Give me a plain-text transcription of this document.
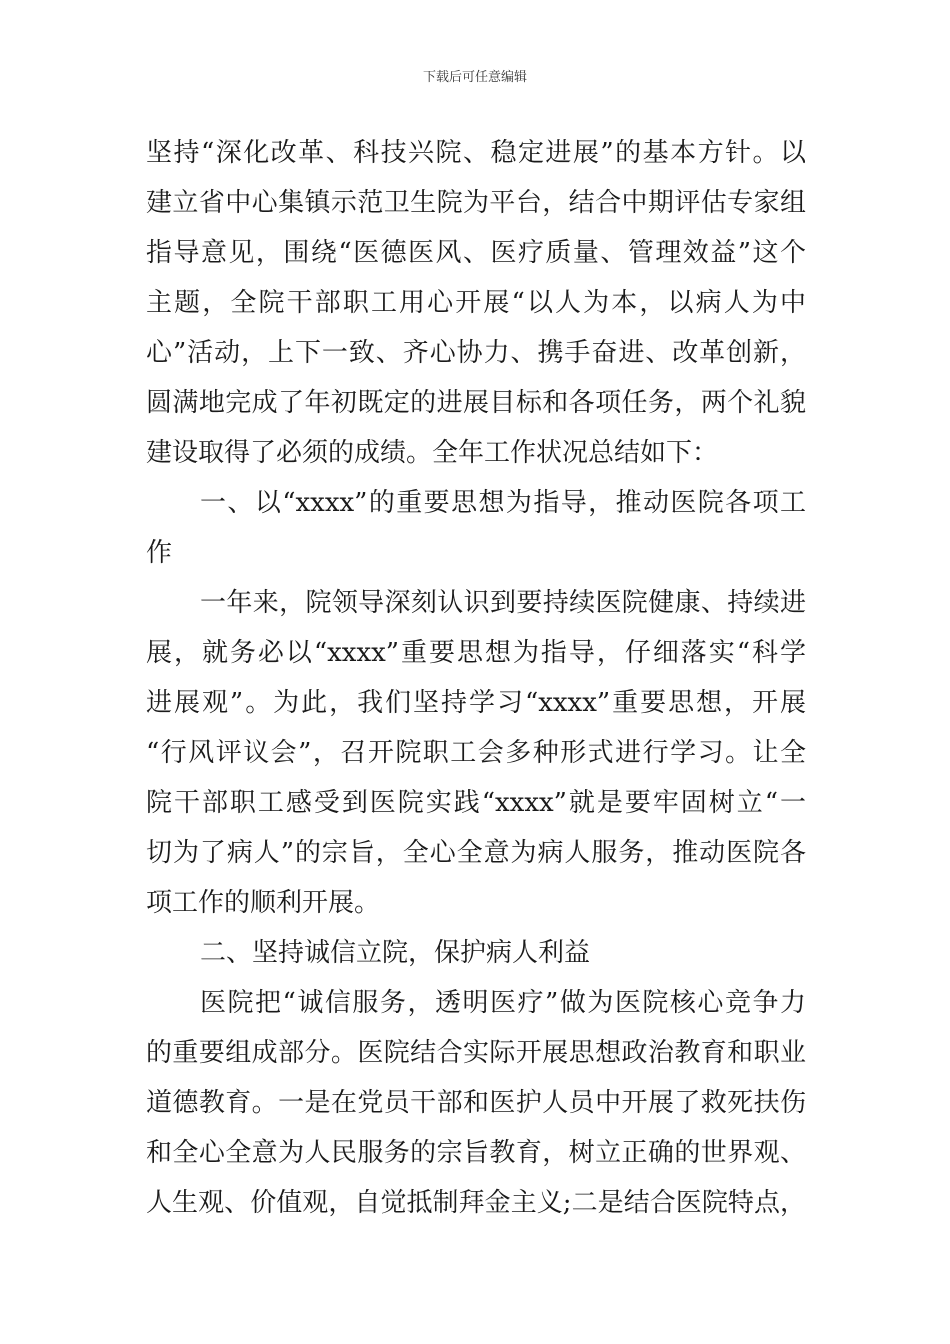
下载后可任意编辑
坚持“深化改革、科技兴院、稳定进展”的基本方针。以
建立省中心集镇示范卫生院为平台，结合中期评估专家组
指导意见，围绕“医德医风、医疗质量、管理效益”这个
主题，全院干部职工用心开展“以人为本，以病人为中
心”活动，上下一致、齐心协力、携手奋进、改革创新，
圆满地完成了年初既定的进展目标和各项任务，两个礼貌
建设取得了必须的成绩。全年工作状况总结如下：
一、以“xxxx”的重要思想为指导，推动医院各项工
作
一年来，院领导深刻认识到要持续医院健康、持续进
展，就务必以“xxxx”重要思想为指导，仔细落实“科学
进展观”。为此，我们坚持学习“xxxx”重要思想，开展
“行风评议会”，召开院职工会多种形式进行学习。让全
院干部职工感受到医院实践“xxxx”就是要牢固树立“一
切为了病人”的宗旨，全心全意为病人服务，推动医院各
项工作的顺利开展。
二、坚持诚信立院，保护病人利益
医院把“诚信服务，透明医疗”做为医院核心竞争力
的重要组成部分。医院结合实际开展思想政治教育和职业
道德教育。一是在党员干部和医护人员中开展了救死扶伤
和全心全意为人民服务的宗旨教育，树立正确的世界观、
人生观、价值观，自觉抵制拜金主义;二是结合医院特点，
